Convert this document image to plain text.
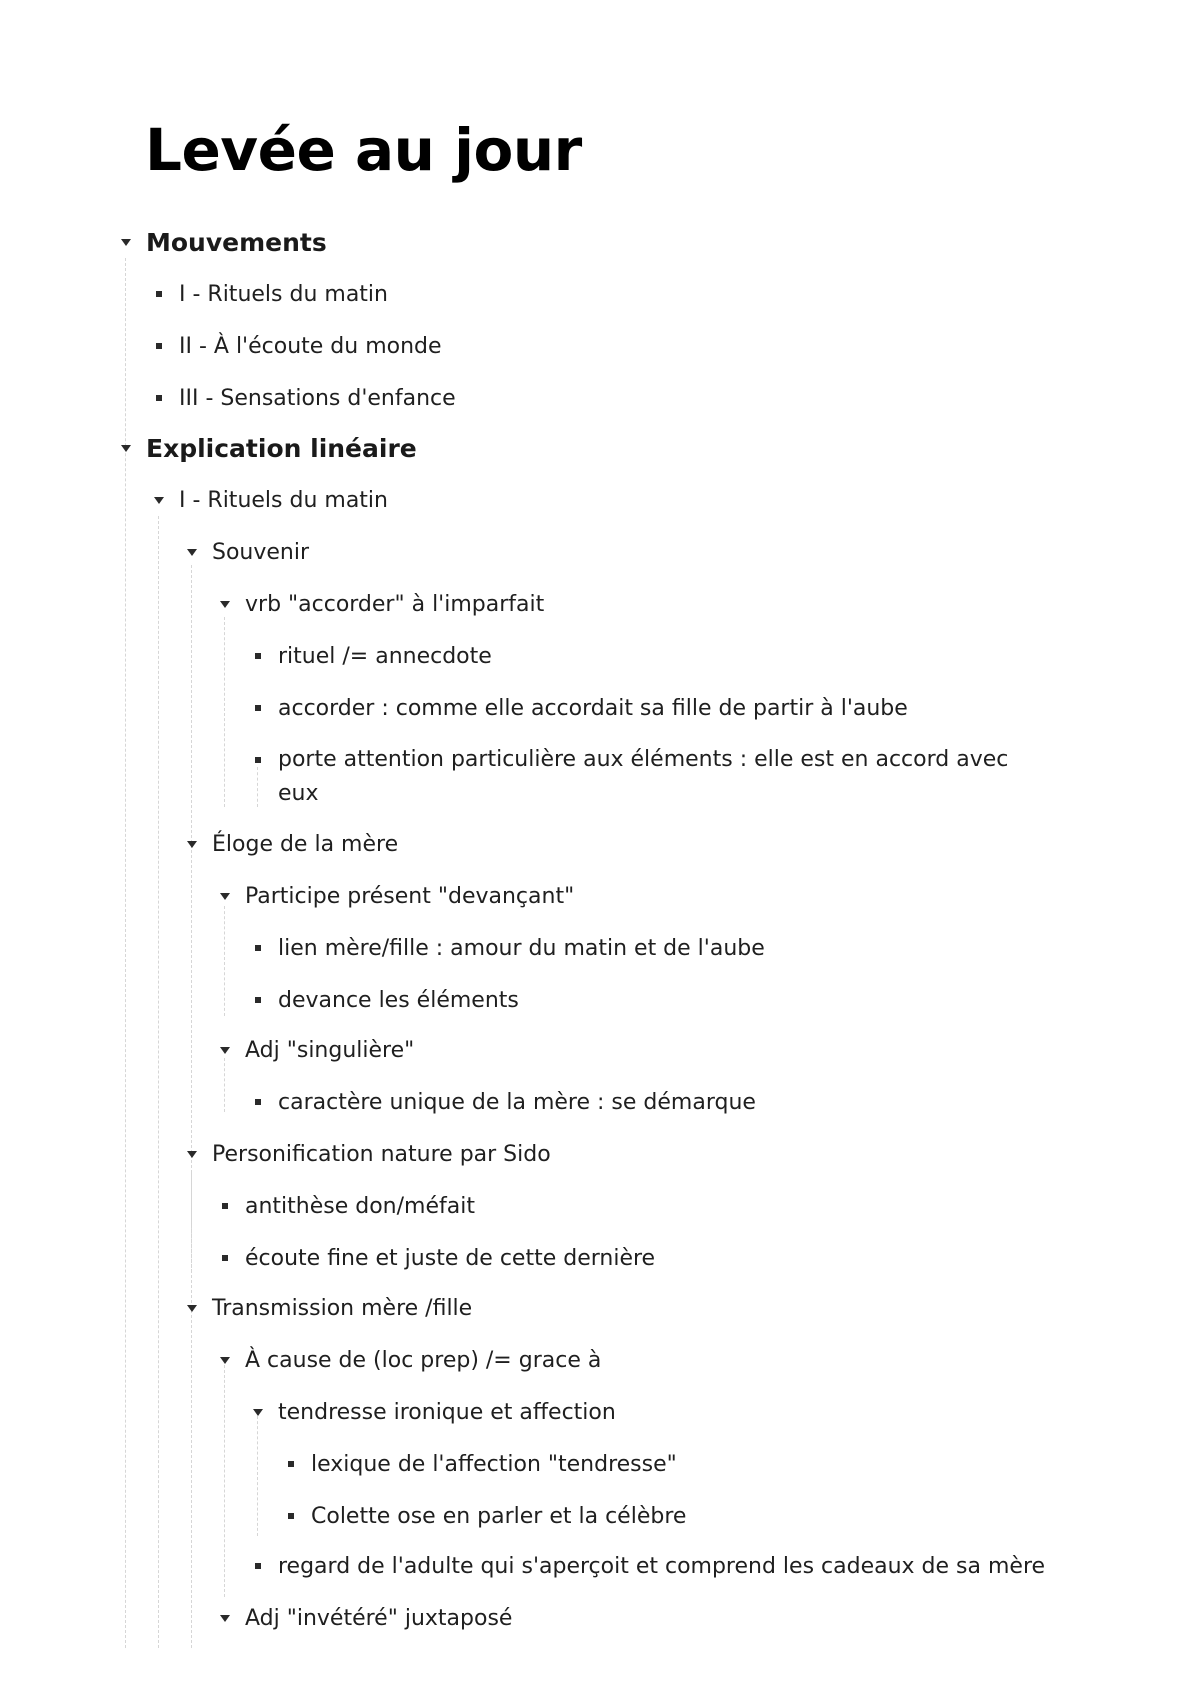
Levée au jour
Mouvements
I - Rituels du matin
II - À l'écoute du monde
III - Sensations d'enfance
Explication linéaire
I - Rituels du matin
Souvenir
vrb "accorder" à l'imparfait
rituel /= annecdote
accorder : comme elle accordait sa fille de partir à l'aube
porte attention particulière aux éléments : elle est en accord avec eux
Éloge de la mère
Participe présent "devançant"
lien mère/fille : amour du matin et de l'aube
devance les éléments
Adj "singulière"
caractère unique de la mère : se démarque
Personification nature par Sido
antithèse don/méfait
écoute fine et juste de cette dernière
Transmission mère /fille
À cause de (loc prep) /= grace à
tendresse ironique et affection
lexique de l'affection "tendresse"
Colette ose en parler et la célèbre
regard de l'adulte qui s'aperçoit et comprend les cadeaux de sa mère
Adj "invétéré" juxtaposé
